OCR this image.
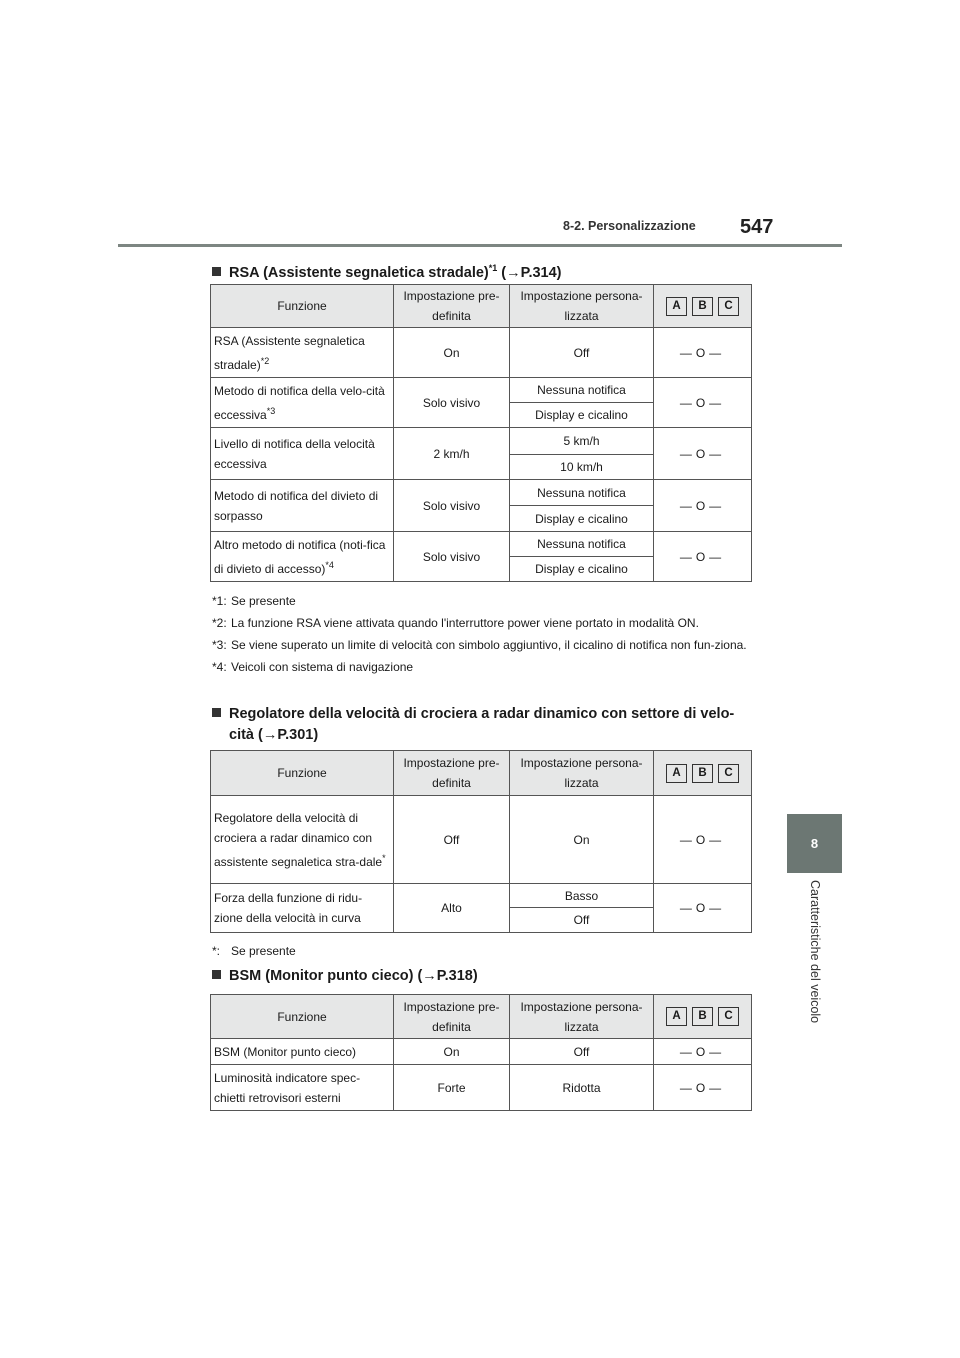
8-2. Personalizzazione 547
8
Caratteristiche del veicolo
RSA (Assistente segnaletica stradale)$^{*1}$ (→P.314)
Funzione	Impostazione pre-definita	Impostazione persona-lizzata	A B C

RSA (Assistente segnaletica stradale)$^{*2}$	On	Off	—O—
Metodo di notifica della velo-cità eccessiva$^{*3}$	Solo visivo	Nessuna notifica	—O—
		Display e cicalino	
Livello di notifica della velocità eccessiva	2 km/h	5 km/h	—O—
		10 km/h	
Metodo di notifica del divieto di sorpasso	Solo visivo	Nessuna notifica	—O—
		Display e cicalino	
Altro metodo di notifica (noti-fica di divieto di accesso)$^{*4}$	Solo visivo	Nessuna notifica	—O—
		Display e cicalino	
*1: Se presente
*2: La funzione RSA viene attivata quando l'interruttore power viene portato in modalità ON.
*3: Se viene superato un limite di velocità con simbolo aggiuntivo, il cicalino di notifica non fun-ziona.
*4: Veicoli con sistema di navigazione
Regolatore della velocità di crociera a radar dinamico con settore di velo-
cità (→P.301)
Funzione	Impostazione pre-definita	Impostazione persona-lizzata	A B C

Regolatore della velocità di crociera a radar dinamico con assistente segnaletica stra-dale*	Off	On	—O—
Forza della funzione di ridu-zione della velocità in curva	Alto	Basso	—O—
		Off	
*: Se presente
BSM (Monitor punto cieco) (→P.318)
Funzione	Impostazione pre-definita	Impostazione persona-lizzata	A B C

BSM (Monitor punto cieco)	On	Off	—O—
Luminosità indicatore spec-chietti retrovisori esterni	Forte	Ridotta	—O—
